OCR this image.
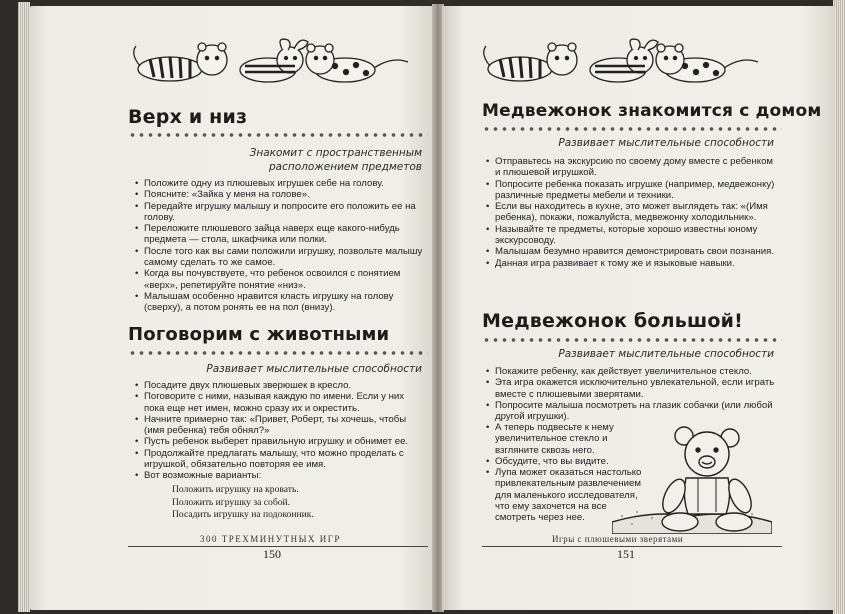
Верх и низ

Знакомит с пространственным

расположением предметов

• Положите одну из плюшевых игрушек себе на голову.
• Поясните: «Зайка у меня на голове».
• Передайте игрушку малышу и попросите его положить ее на голову.
• Переложите плюшевого зайца наверх еще какого-нибудь предмета — стола, шкафчика или полки.
• После того как вы сами положили игрушку, позвольте малышу самому сделать то же самое.
• Когда вы почувствуете, что ребенок освоился с понятием «верх», репетируйте понятие «низ».
• Малышам особенно нравится класть игрушку на голову (сверху), а потом ронять ее на пол (внизу).
Поговорим с животными

Развивает мыслительные способности

• Посадите двух плюшевых зверюшек в кресло.
• Поговорите с ними, называя каждую по имени. Если у них пока еще нет имен, можно сразу их и окрестить.
• Начните примерно так: «Привет, Роберт, ты хочешь, чтобы (имя ребенка) тебя обнял?»
• Пусть ребенок выберет правильную игрушку и обнимет ее.
• Продолжайте предлагать малышу, что можно проделать с игрушкой, обязательно повторяя ее имя.
• Вот возможные варианты:
Положить игрушку на кровать.
Положить игрушку за собой.
Посадить игрушку на подоконник.
300 ТРЕХМИНУТНЫХ ИГР
150
Медвежонок знакомится с домом

Развивает мыслительные способности

• Отправьтесь на экскурсию по своему дому вместе с ребенком и плюшевой игрушкой.
• Попросите ребенка показать игрушке (например, медвежонку) различные предметы мебели и техники.
• Если вы находитесь в кухне, это может выглядеть так: «(Имя ребенка), покажи, пожалуйста, медвежонку холодильник».
• Называйте те предметы, которые хорошо известны юному экскурсоводу.
• Малышам безумно нравится демонстрировать свои познания.
• Данная игра развивает к тому же и языковые навыки.
Медвежонок большой!

Развивает мыслительные способности

• Покажите ребенку, как действует увеличительное стекло.
• Эта игра окажется исключительно увлекательной, если играть вместе с плюшевыми зверятами.
• Попросите малыша посмотреть на глазик собачки (или любой другой игрушки).
• А теперь подвесьте к нему увеличительное стекло и взгляните сквозь него.
• Обсудите, что вы видите.
• Лупа может оказаться настолько привлекательным развлечением для маленького исследователя, что ему захочется на все смотреть через нее.
Игры с плюшевыми зверятами
151
